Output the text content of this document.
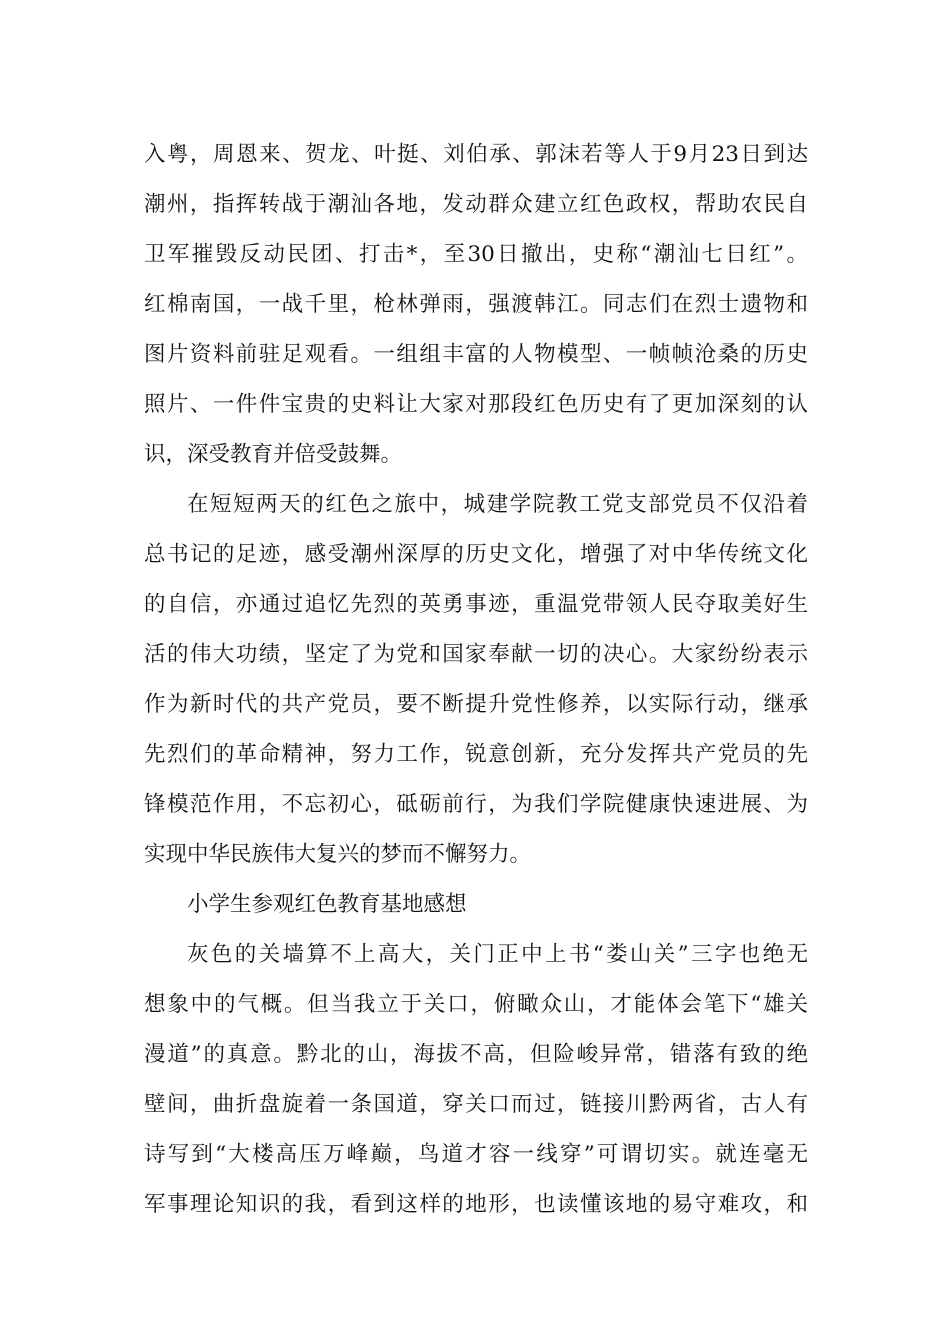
入粤，周恩来、贺龙、叶挺、刘伯承、郭沫若等人于9月23日到达
潮州，指挥转战于潮汕各地，发动群众建立红色政权，帮助农民自
卫军摧毁反动民团、打击*，至30日撤出，史称“潮汕七日红”。
红棉南国，一战千里，枪林弹雨，强渡韩江。同志们在烈士遗物和
图片资料前驻足观看。一组组丰富的人物模型、一帧帧沧桑的历史
照片、一件件宝贵的史料让大家对那段红色历史有了更加深刻的认
识，深受教育并倍受鼓舞。
在短短两天的红色之旅中，城建学院教工党支部党员不仅沿着
总书记的足迹，感受潮州深厚的历史文化，增强了对中华传统文化
的自信，亦通过追忆先烈的英勇事迹，重温党带领人民夺取美好生
活的伟大功绩，坚定了为党和国家奉献一切的决心。大家纷纷表示
作为新时代的共产党员，要不断提升党性修养，以实际行动，继承
先烈们的革命精神，努力工作，锐意创新，充分发挥共产党员的先
锋模范作用，不忘初心，砥砺前行，为我们学院健康快速进展、为
实现中华民族伟大复兴的梦而不懈努力。
小学生参观红色教育基地感想
灰色的关墙算不上高大，关门正中上书“娄山关”三字也绝无
想象中的气概。但当我立于关口，俯瞰众山，才能体会笔下“雄关
漫道”的真意。黔北的山，海拔不高，但险峻异常，错落有致的绝
壁间，曲折盘旋着一条国道，穿关口而过，链接川黔两省，古人有
诗写到“大楼高压万峰巅，鸟道才容一线穿”可谓切实。就连毫无
军事理论知识的我，看到这样的地形，也读懂该地的易守难攻，和
